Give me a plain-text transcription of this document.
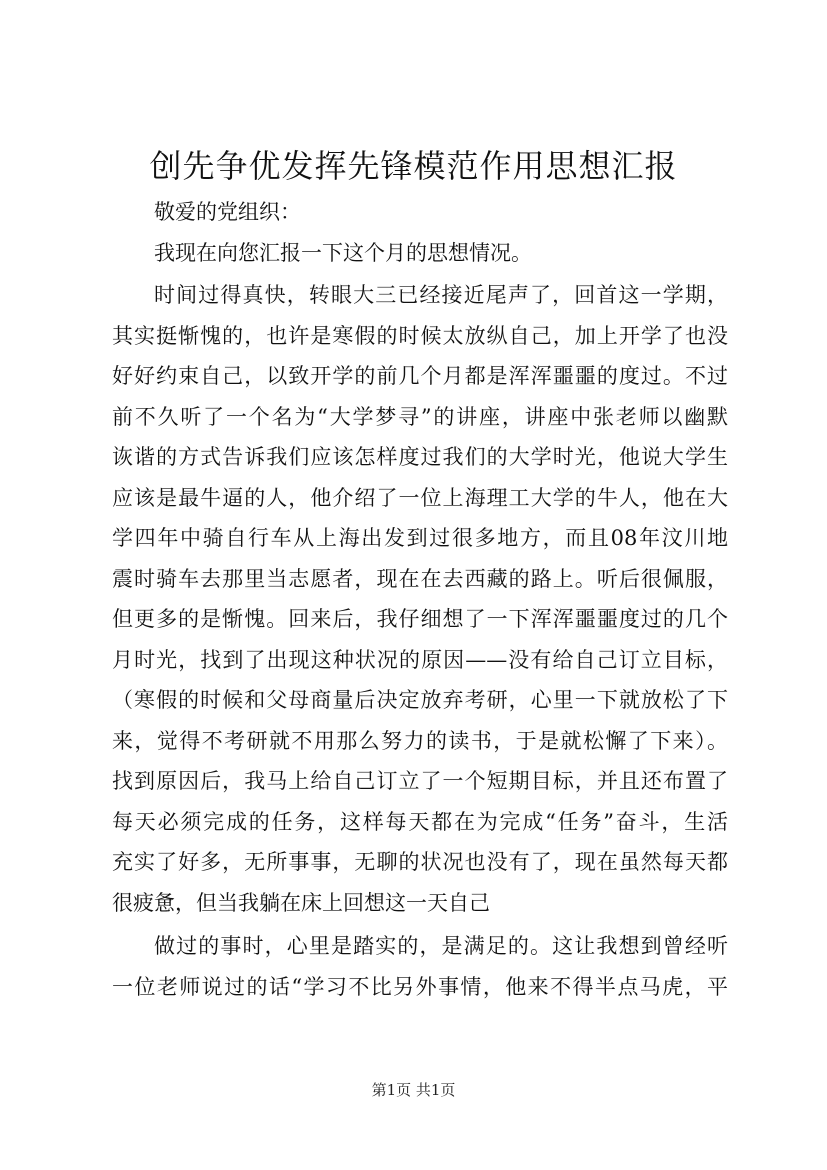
创先争优发挥先锋模范作用思想汇报

敬爱的党组织：

我现在向您汇报一下这个月的思想情况。

时间过得真快，转眼大三已经接近尾声了，回首这一学期，

其实挺惭愧的，也许是寒假的时候太放纵自己，加上开学了也没

好好约束自己，以致开学的前几个月都是浑浑噩噩的度过。不过

前不久听了一个名为“大学梦寻”的讲座，讲座中张老师以幽默

诙谐的方式告诉我们应该怎样度过我们的大学时光，他说大学生

应该是最牛逼的人，他介绍了一位上海理工大学的牛人，他在大

学四年中骑自行车从上海出发到过很多地方，而且08年汶川地

震时骑车去那里当志愿者，现在在去西藏的路上。听后很佩服，

但更多的是惭愧。回来后，我仔细想了一下浑浑噩噩度过的几个

月时光，找到了出现这种状况的原因——没有给自己订立目标，

（寒假的时候和父母商量后决定放弃考研，心里一下就放松了下

来，觉得不考研就不用那么努力的读书，于是就松懈了下来）。

找到原因后，我马上给自己订立了一个短期目标，并且还布置了

每天必须完成的任务，这样每天都在为完成“任务”奋斗，生活

充实了好多，无所事事，无聊的状况也没有了，现在虽然每天都

很疲惫，但当我躺在床上回想这一天自己

做过的事时，心里是踏实的，是满足的。这让我想到曾经听

一位老师说过的话“学习不比另外事情，他来不得半点马虎，平

第1页 共1页
